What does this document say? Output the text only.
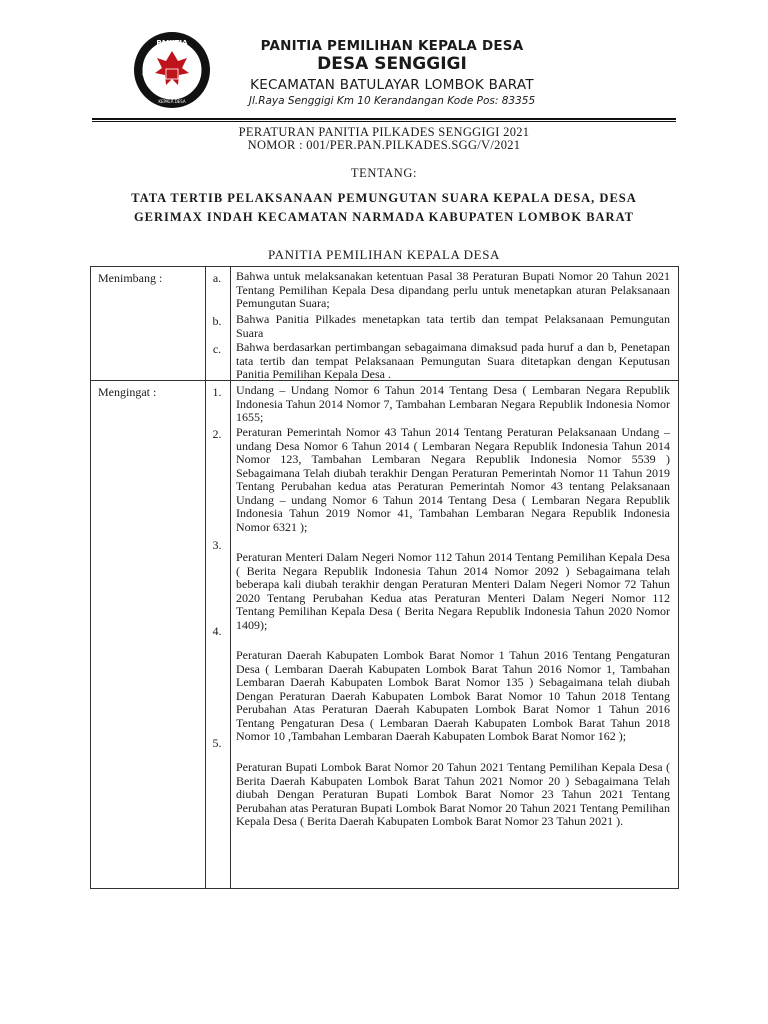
PANITIA
KEPALA DESA
PEMILIHAN
SENGGIGI
PANITIA PEMILIHAN KEPALA DESA
DESA SENGGIGI
KECAMATAN BATULAYAR LOMBOK BARAT
Jl.Raya Senggigi Km 10 Kerandangan Kode Pos: 83355
PERATURAN PANITIA PILKADES SENGGIGI 2021
NOMOR : 001/PER.PAN.PILKADES.SGG/V/2021
TENTANG:
TATA TERTIB PELAKSANAAN PEMUNGUTAN SUARA KEPALA DESA, DESA GERIMAX INDAH KECAMATAN NARMADA KABUPATEN LOMBOK BARAT
PANITIA PEMILIHAN KEPALA DESA
Menimbang :	a.
b.
c.
Bahwa untuk melaksanakan ketentuan Pasal 38 Peraturan Bupati Nomor 20 Tahun 2021 Tentang Pemilihan Kepala Desa dipandang perlu untuk menetapkan aturan Pelaksanaan Pemungutan Suara;
Bahwa Panitia Pilkades menetapkan tata tertib dan tempat Pelaksanaan Pemungutan Suara
Bahwa berdasarkan pertimbangan sebagaimana dimaksud pada huruf a dan b, Penetapan tata tertib dan tempat Pelaksanaan Pemungutan Suara ditetapkan dengan Keputusan Panitia Pemilihan Kepala Desa .
Mengingat :	1.
2.
3.
4.
5.
Undang – Undang Nomor 6 Tahun 2014 Tentang Desa ( Lembaran Negara Republik Indonesia Tahun 2014 Nomor 7, Tambahan Lembaran Negara Republik Indonesia Nomor 1655;
Peraturan Pemerintah Nomor 43 Tahun 2014 Tentang Peraturan Pelaksanaan Undang – undang Desa Nomor 6 Tahun 2014 ( Lembaran Negara Republik Indonesia Tahun 2014 Nomor 123, Tambahan Lembaran Negara Republik Indonesia Nomor 5539 ) Sebagaimana Telah diubah terakhir Dengan Peraturan Pemerintah Nomor 11 Tahun 2019 Tentang Perubahan kedua atas Peraturan Pemerintah Nomor 43 tentang Pelaksanaan Undang – undang Nomor 6 Tahun 2014 Tentang Desa ( Lembaran Negara Republik Indonesia Tahun 2019 Nomor 41, Tambahan Lembaran Negara Republik Indonesia Nomor 6321 );
Peraturan Menteri Dalam Negeri Nomor 112 Tahun 2014 Tentang Pemilihan Kepala Desa ( Berita Negara Republik Indonesia Tahun 2014 Nomor 2092 ) Sebagaimana telah beberapa kali diubah terakhir dengan Peraturan Menteri Dalam Negeri Nomor 72 Tahun 2020 Tentang Perubahan Kedua atas Peraturan Menteri Dalam Negeri Nomor 112 Tentang Pemilihan Kepala Desa ( Berita Negara Republik Indonesia Tahun 2020 Nomor 1409);
Peraturan Daerah Kabupaten Lombok Barat Nomor 1 Tahun 2016 Tentang Pengaturan Desa ( Lembaran Daerah Kabupaten Lombok Barat Tahun 2016 Nomor 1, Tambahan Lembaran Daerah Kabupaten Lombok Barat Nomor 135 ) Sebagaimana telah diubah Dengan Peraturan Daerah Kabupaten Lombok Barat Nomor 10 Tahun 2018 Tentang Perubahan Atas Peraturan Daerah Kabupaten Lombok Barat Nomor 1 Tahun 2016 Tentang Pengaturan Desa ( Lembaran Daerah Kabupaten Lombok Barat Tahun 2018 Nomor 10 ,Tambahan Lembaran Daerah Kabupaten Lombok Barat Nomor 162 );
Peraturan Bupati Lombok Barat Nomor 20 Tahun 2021 Tentang Pemilihan Kepala Desa ( Berita Daerah Kabupaten Lombok Barat Tahun 2021 Nomor 20 ) Sebagaimana Telah diubah Dengan Peraturan Bupati Lombok Barat Nomor 23 Tahun 2021 Tentang Perubahan atas Peraturan Bupati Lombok Barat Nomor 20 Tahun 2021 Tentang Pemilihan Kepala Desa ( Berita Daerah Kabupaten Lombok Barat Nomor 23 Tahun 2021 ).
